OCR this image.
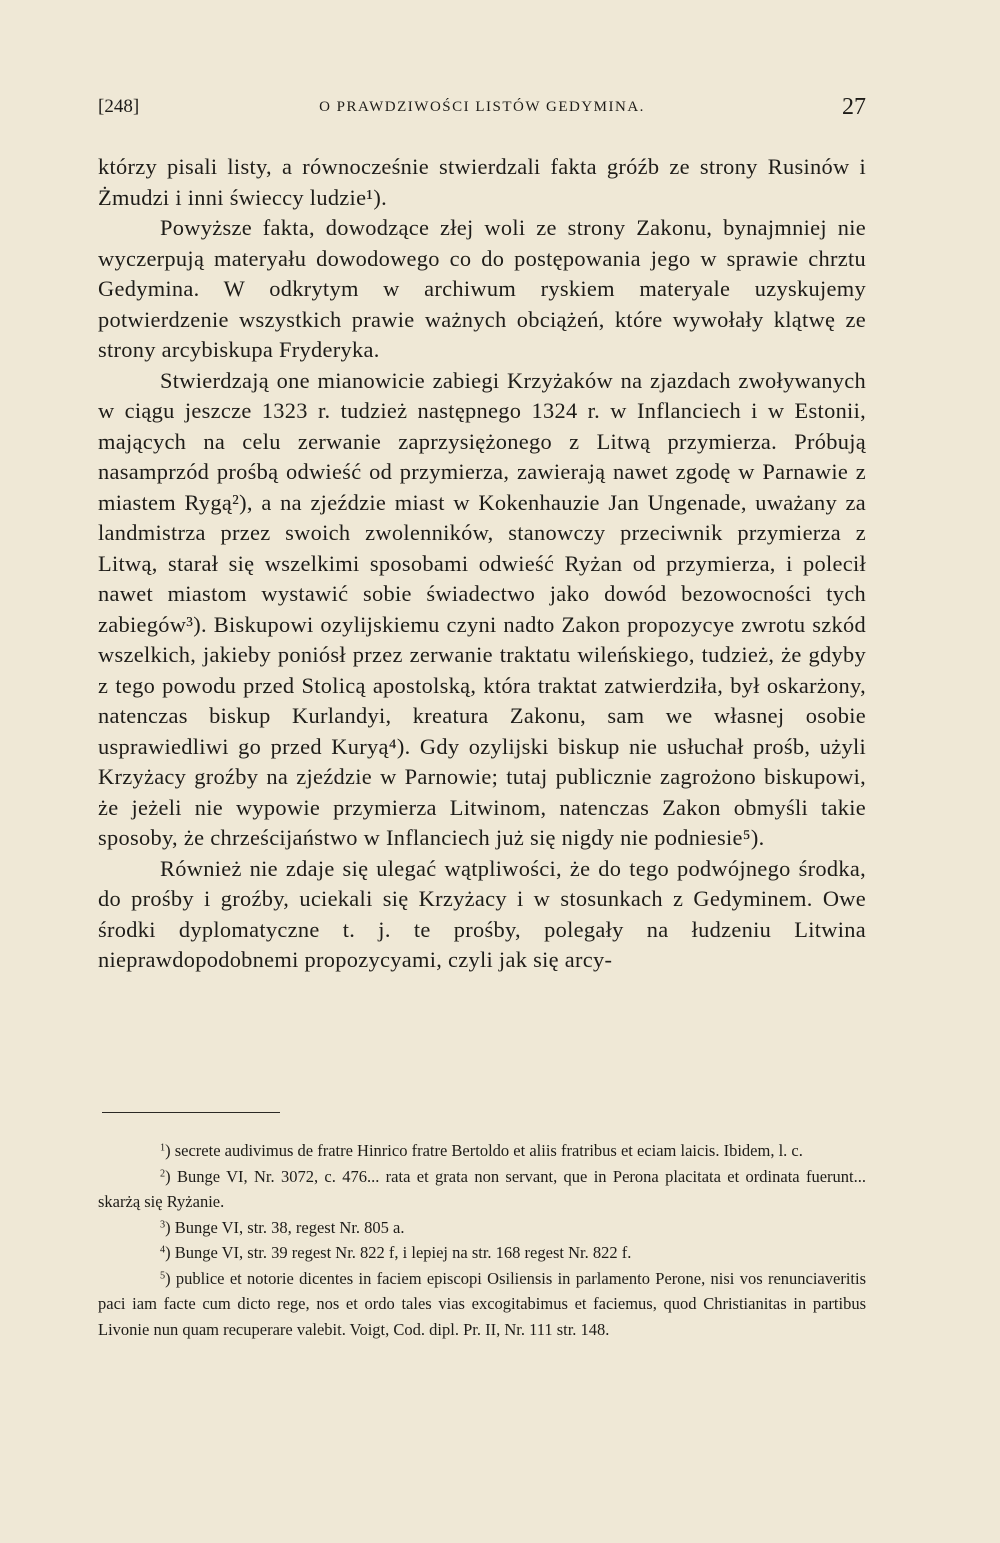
[248]	O PRAWDZIWOŚCI LISTÓW GEDYMINA.	27

którzy pisali listy, a równocześnie stwierdzali fakta gróźb ze strony Rusinów i Żmudzi i inni świeccy ludzie¹).

Powyższe fakta, dowodzące złej woli ze strony Zakonu, bynajmniej nie wyczerpują materyału dowodowego co do postępowania jego w sprawie chrztu Gedymina. W odkrytym w archiwum ryskiem materyale uzyskujemy potwierdzenie wszystkich prawie ważnych obciążeń, które wywołały klątwę ze strony arcybiskupa Fryderyka.

Stwierdzają one mianowicie zabiegi Krzyżaków na zjazdach zwoływanych w ciągu jeszcze 1323 r. tudzież następnego 1324 r. w Inflanciech i w Estonii, mających na celu zerwanie zaprzysiężonego z Litwą przymierza. Próbują nasamprzód prośbą odwieść od przymierza, zawierają nawet zgodę w Parnawie z miastem Rygą²), a na zjeździe miast w Kokenhauzie Jan Ungenade, uważany za landmistrza przez swoich zwolenników, stanowczy przeciwnik przymierza z Litwą, starał się wszelkimi sposobami odwieść Ryżan od przymierza, i polecił nawet miastom wystawić sobie świadectwo jako dowód bezowocności tych zabiegów³). Biskupowi ozylijskiemu czyni nadto Zakon propozycye zwrotu szkód wszelkich, jakieby poniósł przez zerwanie traktatu wileńskiego, tudzież, że gdyby z tego powodu przed Stolicą apostolską, która traktat zatwierdziła, był oskarżony, natenczas biskup Kurlandyi, kreatura Zakonu, sam we własnej osobie usprawiedliwi go przed Kuryą⁴). Gdy ozylijski biskup nie usłuchał prośb, użyli Krzyżacy groźby na zjeździe w Parnowie; tutaj publicznie zagrożono biskupowi, że jeżeli nie wypowie przymierza Litwinom, natenczas Zakon obmyśli takie sposoby, że chrześcijaństwo w Inflanciech już się nigdy nie podniesie⁵).

Również nie zdaje się ulegać wątpliwości, że do tego podwójnego środka, do prośby i groźby, uciekali się Krzyżacy i w stosunkach z Gedyminem. Owe środki dyplomatyczne t. j. te prośby, polegały na łudzeniu Litwina nieprawdopodobnemi propozycyami, czyli jak się arcy-

$^1$) secrete audivimus de fratre Hinrico fratre Bertoldo et aliis fratribus et eciam laicis. Ibidem, l. c.

$^2$) Bunge VI, Nr. 3072, c. 476... rata et grata non servant, que in Perona placitata et ordinata fuerunt... skarżą się Ryżanie.

$^3$) Bunge VI, str. 38, regest Nr. 805 a.

$^4$) Bunge VI, str. 39 regest Nr. 822 f, i lepiej na str. 168 regest Nr. 822 f.

$^5$) publice et notorie dicentes in faciem episcopi Osiliensis in parlamento Perone, nisi vos renunciaveritis paci iam facte cum dicto rege, nos et ordo tales vias excogitabimus et faciemus, quod Christianitas in partibus Livonie nun quam recuperare valebit. Voigt, Cod. dipl. Pr. II, Nr. 111 str. 148.
